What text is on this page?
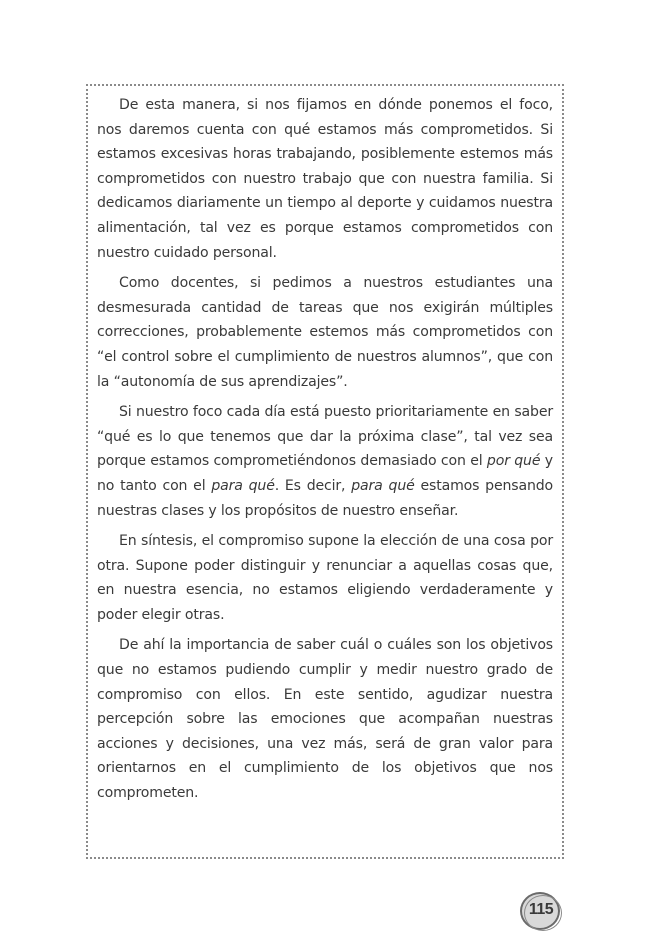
De esta manera, si nos fijamos en dónde ponemos el foco, nos daremos cuenta con qué estamos más comprometidos. Si estamos excesivas horas trabajando, posiblemente estemos más comprometidos con nuestro trabajo que con nuestra familia. Si dedicamos diariamente un tiempo al deporte y cuidamos nuestra alimentación, tal vez es porque estamos comprometidos con nuestro cuidado personal.

Como docentes, si pedimos a nuestros estudiantes una desmesurada cantidad de tareas que nos exigirán múltiples correcciones, probablemente estemos más comprometidos con “el control sobre el cumplimiento de nuestros alumnos”, que con la “autonomía de sus aprendizajes”.

Si nuestro foco cada día está puesto prioritariamente en saber “qué es lo que tenemos que dar la próxima clase”, tal vez sea porque estamos comprometiéndonos demasiado con el por qué y no tanto con el para qué. Es decir, para qué estamos pensando nuestras clases y los propósitos de nuestro enseñar.

En síntesis, el compromiso supone la elección de una cosa por otra. Supone poder distinguir y renunciar a aquellas cosas que, en nuestra esencia, no estamos eligiendo verdaderamente y poder elegir otras.

De ahí la importancia de saber cuál o cuáles son los objetivos que no estamos pudiendo cumplir y medir nuestro grado de compromiso con ellos. En este sentido, agudizar nuestra percepción sobre las emociones que acompañan nuestras acciones y decisiones, una vez más, será de gran valor para orientarnos en el cumplimiento de los objetivos que nos comprometen.

115
